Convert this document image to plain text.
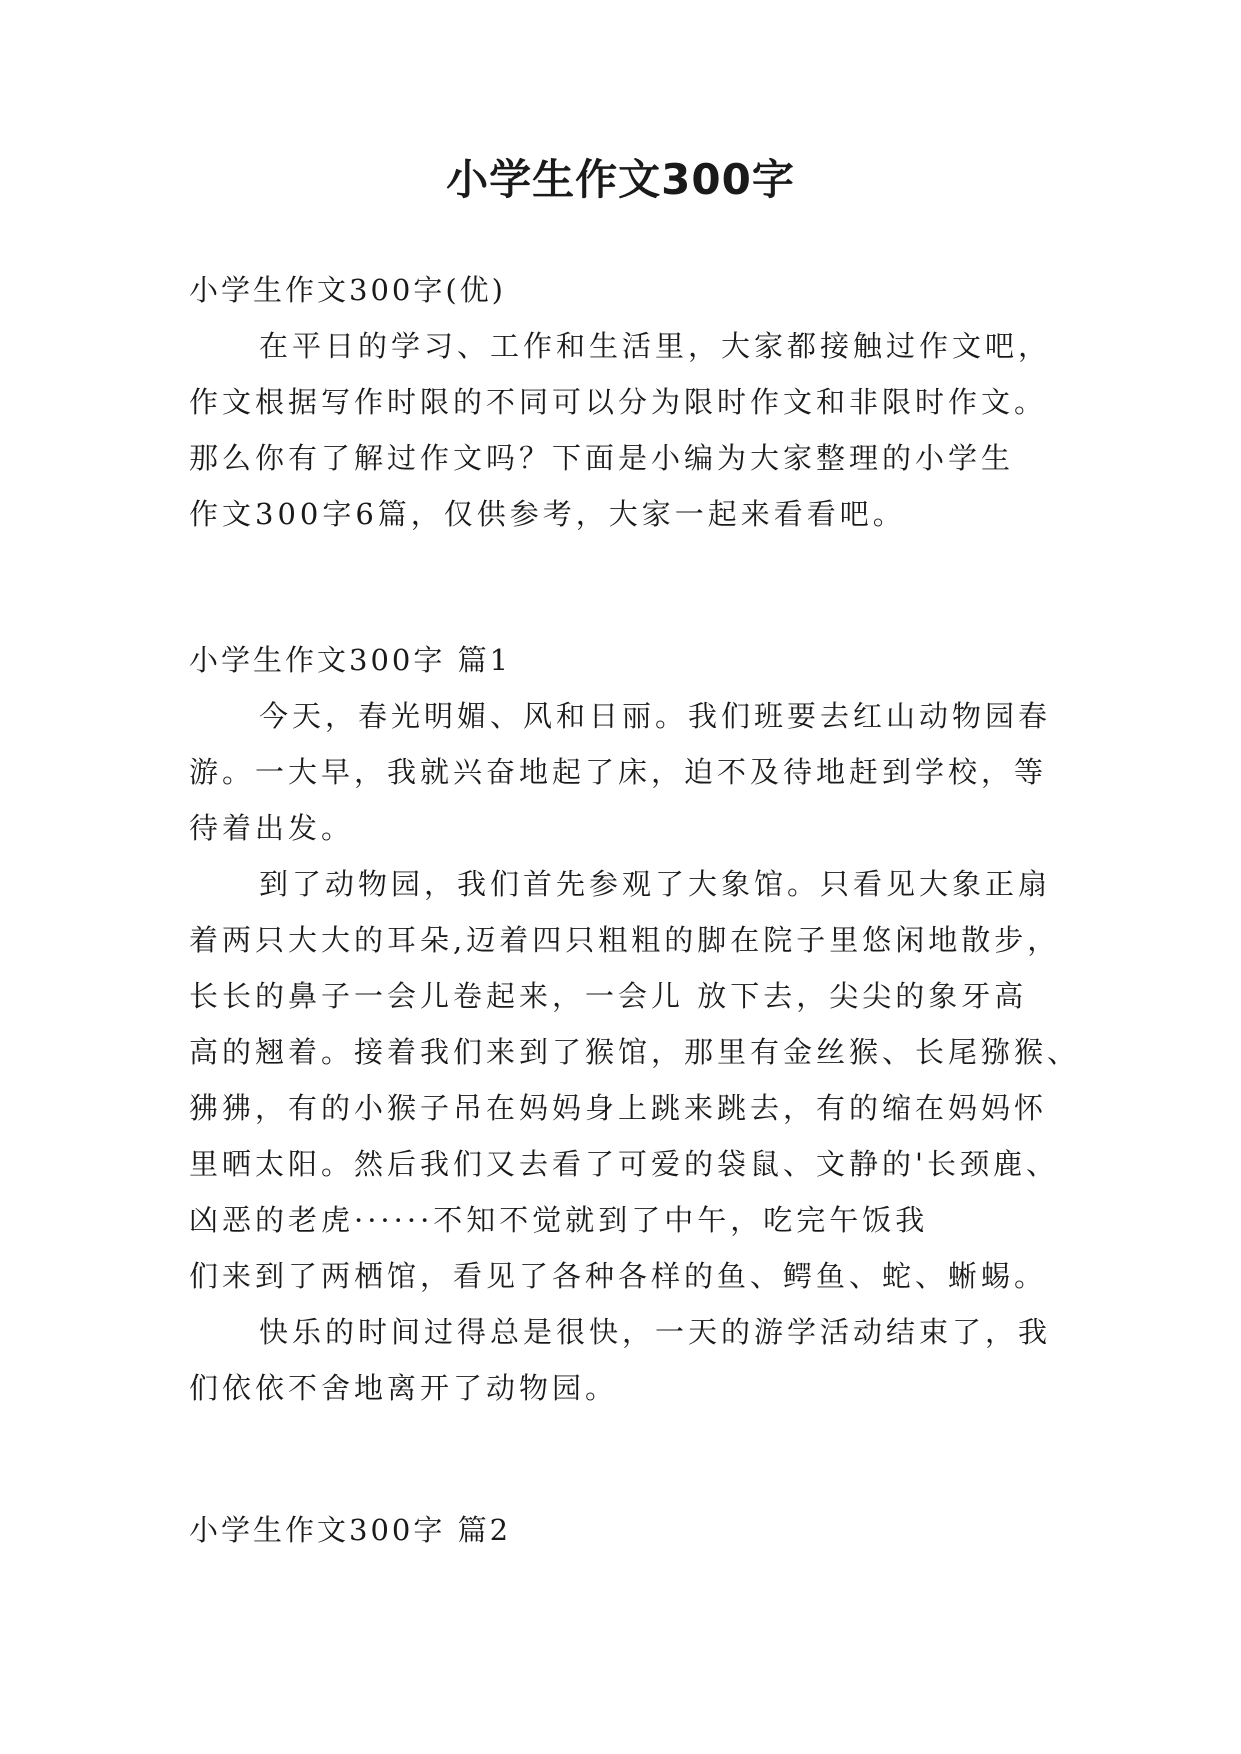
小学生作文300字
小学生作文300字(优)
在平日的学习、工作和生活里，大家都接触过作文吧，
作文根据写作时限的不同可以分为限时作文和非限时作文。
那么你有了解过作文吗？下面是小编为大家整理的小学生
作文300字6篇，仅供参考，大家一起来看看吧。
小学生作文300字 篇1
今天，春光明媚、风和日丽。我们班要去红山动物园春
游。一大早，我就兴奋地起了床，迫不及待地赶到学校，等
待着出发。
到了动物园，我们首先参观了大象馆。只看见大象正扇
着两只大大的耳朵,迈着四只粗粗的脚在院子里悠闲地散步，
长长的鼻子一会儿卷起来，一会儿 放下去，尖尖的象牙高
高的翘着。接着我们来到了猴馆，那里有金丝猴、长尾猕猴、
狒狒，有的小猴子吊在妈妈身上跳来跳去，有的缩在妈妈怀
里晒太阳。然后我们又去看了可爱的袋鼠、文静的'长颈鹿、
凶恶的老虎······不知不觉就到了中午，吃完午饭我
们来到了两栖馆，看见了各种各样的鱼、鳄鱼、蛇、蜥蜴。
快乐的时间过得总是很快，一天的游学活动结束了，我
们依依不舍地离开了动物园。
小学生作文300字 篇2
